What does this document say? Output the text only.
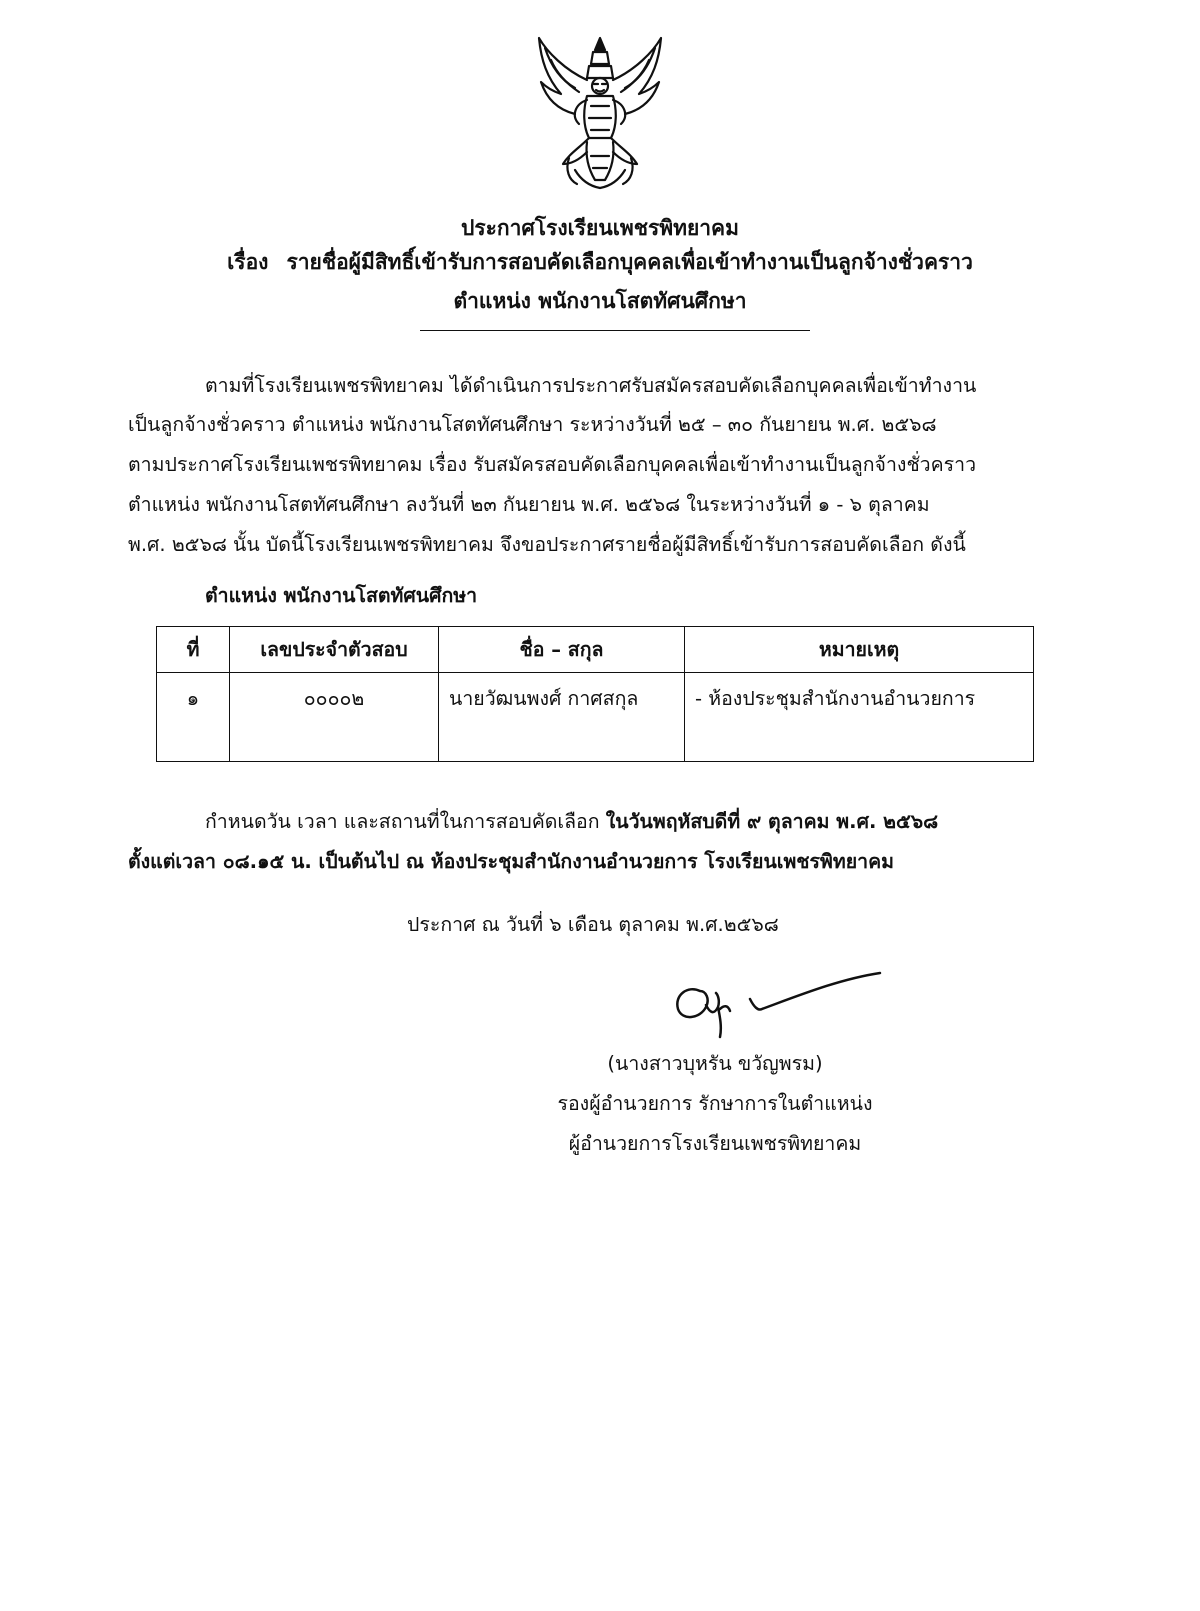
ประกาศโรงเรียนเพชรพิทยาคม
เรื่อง รายชื่อผู้มีสิทธิ์เข้ารับการสอบคัดเลือกบุคคลเพื่อเข้าทำงานเป็นลูกจ้างชั่วคราว
ตำแหน่ง พนักงานโสตทัศนศึกษา
ตามที่โรงเรียนเพชรพิทยาคม ได้ดำเนินการประกาศรับสมัครสอบคัดเลือกบุคคลเพื่อเข้าทำงาน
เป็นลูกจ้างชั่วคราว ตำแหน่ง พนักงานโสตทัศนศึกษา ระหว่างวันที่ ๒๕ – ๓๐ กันยายน พ.ศ. ๒๕๖๘
ตามประกาศโรงเรียนเพชรพิทยาคม เรื่อง รับสมัครสอบคัดเลือกบุคคลเพื่อเข้าทำงานเป็นลูกจ้างชั่วคราว
ตำแหน่ง พนักงานโสตทัศนศึกษา ลงวันที่ ๒๓ กันยายน พ.ศ. ๒๕๖๘ ในระหว่างวันที่ ๑ - ๖ ตุลาคม
พ.ศ. ๒๕๖๘ นั้น บัดนี้โรงเรียนเพชรพิทยาคม จึงขอประกาศรายชื่อผู้มีสิทธิ์เข้ารับการสอบคัดเลือก ดังนี้
ตำแหน่ง พนักงานโสตทัศนศึกษา
ที่	เลขประจำตัวสอบ	ชื่อ – สกุล	หมายเหตุ
๑	๐๐๐๐๒	นายวัฒนพงศ์ กาศสกุล	- ห้องประชุมสำนักงานอำนวยการ
กำหนดวัน เวลา และสถานที่ในการสอบคัดเลือก ในวันพฤหัสบดีที่ ๙ ตุลาคม พ.ศ. ๒๕๖๘
ตั้งแต่เวลา ๐๘.๑๕ น. เป็นต้นไป ณ ห้องประชุมสำนักงานอำนวยการ โรงเรียนเพชรพิทยาคม
ประกาศ ณ วันที่ ๖ เดือน ตุลาคม พ.ศ.๒๕๖๘
(นางสาวบุหรัน ขวัญพรม)
รองผู้อำนวยการ รักษาการในตำแหน่ง
ผู้อำนวยการโรงเรียนเพชรพิทยาคม
